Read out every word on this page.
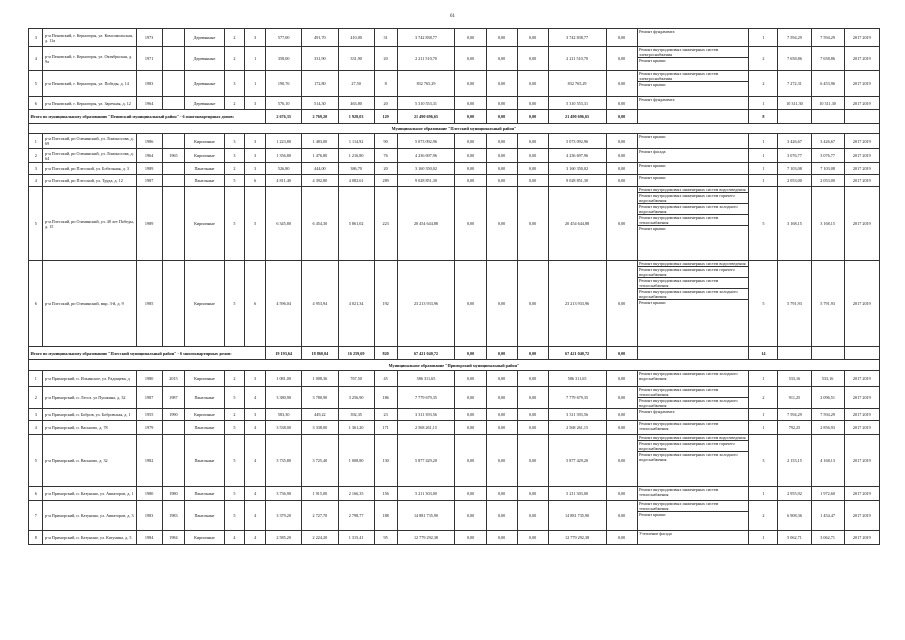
61
3	р-н Пеновский, г. Керногоры, ул. Комсомольская, д. 11а	1973		Деревянные	2	3	577,00	491,70	410,00	31	3 742 838,77	0,00	0,00	0,00	3 742 838,77	0,00	Ремонт фундамента	1	7 594,29	7 594,29	2017 2019
4	р-н Пеновский, г. Керногоры, ул. Октябрьская, д. 9а	1971		Деревянные	2	1	358,00	331,90	331,90	20	2 211 510,70	0,00	0,00	0,00	2 211 510,70	0,00	Ремонт внутридомовых инженерных систем электроснабжения
Ремонт крыши	2	7 658,86	7 658,86	2017 2019
5	р-н Пеновский, г. Керногоры, ул. Победы, д. 14	1983		Деревянные	3	1	190,76	172,80	27,50	8	832 765,29	0,00	0,00	0,00	832 765,29	0,00	Ремонт внутридомовых инженерных систем электроснабжения
Ремонт крыши	2	7 272,31	6 453,96	2017 2019
6	р-н Пеновский, г. Керногоры, ул. Заречная, д. 12	1964		Деревянные	2	3	576,10	514,30	463,80	20	5 310 553,31	0,00	0,00	0,00	5 310 553,31	0,00	Ремонт фундамента	1	10 311,30	10 311,30	2017 2019
Итого по муниципальному образованию "Пеновский муниципальный район" - 6 многоквартирных домов:							2 676,35	2 769,20	1 928,03	129	21 490 696,65	0,00	0,00	0,00	21 490 696,65	0,00		8			
Муниципальное образование "Плесский муниципальный район"																					
1	р-н Плесский, рп Оленинский, ул. Ломоносова, д. 69	1986		Кирпичные	3	3	1 223,80	1 483,00	1 114,92	90	5 073 092,96	0,00	0,00	0,00	5 073 092,96	0,00	Ремонт крыши	1	3 426,67	3 426,67	2017 2019
2	р-н Плесский, рп Оленинский, ул. Ломоносова, д. 64	1964	1965	Кирпичные	3	3	1 356,80	1 476,80	1 216,80	76	4 236 697,96	0,00	0,00	0,00	4 236 697,96	0,00	Ремонт фасада	1	3 076,77	3 076,77	2017 2019
3	р-н Плесский, рп Плесский, ул. Бобельная, д. 3	1989		Панельные	2	3	526,80	444,00	386,70	20	3 160 350,02	0,00	0,00	0,00	3 160 350,02	0,00	Ремонт крыши	1	7 103,08	7 103,08	2017 2019
4	р-н Плесский, рп Плесский, ул. Труда, д. 12	1987		Панельные	5	6	4 811,40	4 392,80	4 082,61	289	9 028 851,30	0,00	0,00	0,00	9 028 851,30	0,00	Ремонт крыши	1	2 053,00	2 053,00	2017 2019
5	р-н Плесский, рп Оленинский, ул. 40 лет Победы, д. 15	1989		Кирпичные	5	5	6 345,80	6 454,30	5 861,02	223	20 454 644,88	0,00	0,00	0,00	20 454 644,88	0,00	Ремонт внутридомовых инженерных систем водоотведения
Ремонт внутридомовых инженерных систем горячего водоснабжения
Ремонт внутридомовых инженерных систем холодного водоснабжения
Ремонт внутридомовых инженерных систем теплоснабжения
Ремонт крыши	5	3 168,15	3 168,15	2017 2019
6	р-н Плесский, рп Оленинский, мкр. 3-й, д. 9	1985		Кирпичные	5	6	4 596,04	4 953,94	4 021,34	192	23 213 933,96	0,00	0,00	0,00	23 213 933,96	0,00	Ремонт внутридомовых инженерных систем водоотведения
Ремонт внутридомовых инженерных систем горячего водоснабжения
Ремонт внутридомовых инженерных систем теплоснабжения
Ремонт внутридомовых инженерных систем холодного водоснабжения
Ремонт крыши	5	5 791,93	5 791,93	2017 2019
Итого по муниципальному образованию "Плесский муниципальный район" - 6 многоквартирных домов:							19 193,64	18 860,04	16 259,69	820	67 421 040,72	0,00	0,00	0,00	67 421 040,72	0,00		14			
Муниципальное образование "Приморский муниципальный район"																					
1	р-н Приморский, п. Ильинское, ул. Радищева, д	1980	2015	Кирпичные	2	3	1 081,00	1 008,36	767,50	45	586 311,65	0,00	0,00	0,00	586 311,65	0,00	Ремонт внутридомовых инженерных систем холодного водоснабжения	1	533,16	533,16	2017 2019
2	р-н Приморский, п. Лесоз. ул Пушкина, д. 32	1987	1987	Панельные	5	4	3 380,90	3 780,90	3 256,90	186	7 779 679,35	0,00	0,00	0,00	7 779 679,35	0,00	Ремонт внутридомовых инженерных систем теплоснабжения
Ремонт внутридомовых инженерных систем холодного водоснабжения	2	911,25	2 096,51	2017 2019
3	р-н Приморский, п. Бобров, ул. Бобровская, д. 1	1955	1990	Кирпичные	2	3	583,30	449,22	392,35	23	3 311 393,56	0,00	0,00	0,00	3 311 393,56	0,00	Ремонт фундамента	1	7 594,29	7 594,29	2017 2019
4	р-н Приморский, п. Васьково, д. 78	1979		Панельные	5	4	3 538,00	3 338,00	1 361,20	171	2 568 261,15	0,00	0,00	0,00	2 568 261,15	0,00	Ремонт внутридомовых инженерных систем теплоснабжения	1	792,25	2 856,93	2017 2019
5	р-н Приморский, п. Васьково, д. 32	1982		Панельные	5	4	3 735,80	3 725,40	1 008,80	130	5 877 429,20	0,00	0,00	0,00	5 877 429,20	0,00	Ремонт внутридомовых инженерных систем водоотведения
Ремонт внутридомовых инженерных систем горячего водоснабжения
Ремонт внутридомовых инженерных систем холодного водоснабжения	3	2 153,15	4 168,13	2017 2019
6	р-н Приморский, п. Катунино, ул. Авиаторов, д. 1	1980	1980	Панельные	5	4	3 736,90	1 915,00	2 166,35	156	5 211 303,00	0,00	0,00	0,00	5 211 303,00	0,00	Ремонт внутридомовых инженерных систем теплоснабжения	1	2 955,92	1 972,60	2017 2019
7	р-н Приморский, п. Катунино, ул. Авиаторов, д. 3	1983	1983	Панельные	5	4	3 379,20	2 727,70	2 798,77	188	14 881 735,90	0,00	0,00	0,00	14 881 735,90	0,00	Ремонт внутридомовых инженерных систем теплоснабжения
Ремонт крыши	2	6 908,36	1 454,47	2017 2019
8	р-н Приморский, п. Катунино, ул. Катунина, д. 5	1984	1984	Кирпичные	4	4	2 585,20	2 224,20	1 315,41	95	12 779 292,38	0,00	0,00	0,00	12 779 292,38	0,00	Утепление фасада	1	5 062,71	3 062,71	2017 2019
